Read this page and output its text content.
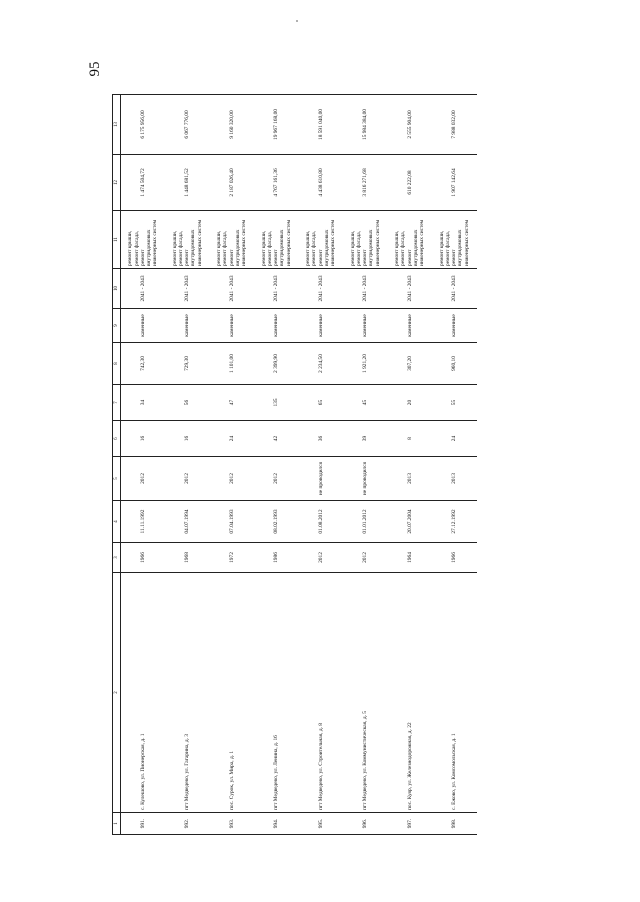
95
1	2	3	4	5	6	7	8	9	10	11	12	13
991.	с. Кулешово, ул. Пионерская, д. 1	1966	11.11.1992	2012	16	34	742,30	каменные	2041 - 2043	ремонт крыши, ремонт фасада, ремонт внутридомовых инженерных систем	1 474 504,72	6 175 956,00
992.	пгт Медведево, ул. Гагарина, д. 3	1968	04.07.1994	2012	16	56	729,30	каменные	2041 - 2043	ремонт крыши, ремонт фасада, ремонт внутридомовых инженерных систем	1 448 681,52	6 067 776,00
993.	пос. Сурок, ул. Мира, д. 1	1972	07.04.1993	2012	24	47	1 101,00	каменные	2041 - 2043	ремонт крыши, ремонт фасада, ремонт внутридомовых инженерных систем	2 187 026,40	9 160 320,00
994.	пгт Медведево, ул. Ленина, д. 16	1986	08.02.1993	2012	42	135	2 399,90	каменные	2041 - 2043	ремонт крыши, ремонт фасада, ремонт внутридомовых инженерных систем	4 767 161,36	19 967 168,00
995.	пгт Медведево, ул. Строительная, д. 8	2012	01.08.2012	не проводился	36	65	2 234,50	каменные	2041 - 2043	ремонт крыши, ремонт фасада, ремонт внутридомовых инженерных систем	4 438 610,80	18 591 040,00
996.	пгт Медведево, ул. Коммунистическая, д. 5	2012	01.01.2012	не проводился	39	45	1 921,20	каменные	2041 - 2043	ремонт крыши, ремонт фасада, ремонт внутридомовых инженерных систем	3 816 271,68	15 984 384,00
997.	пос. Куяр, ул. Железнодорожная, д. 22	1964	20.07.2004	2013	8	20	307,20	каменные	2041 - 2043	ремонт крыши, ремонт фасада, ремонт внутридомовых инженерных систем	610 222,08	2 555 904,00
998.	с. Ежово, ул. Комсомольская, д. 1	1966	27.12.1992	2013	24	55	960,10	каменные	2041 - 2043	ремонт крыши, ремонт фасада, ремонт внутридомовых инженерных систем	1 907 142,64	7 988 032,00
